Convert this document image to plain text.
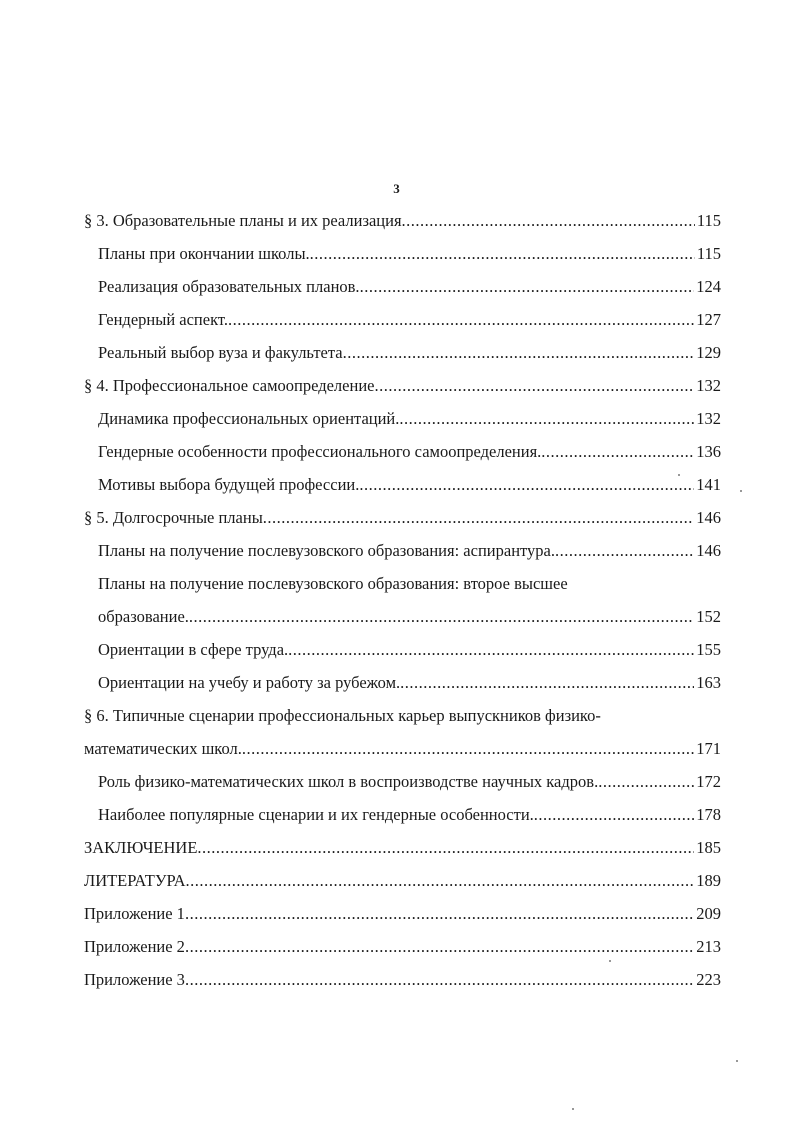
3
§ 3. Образовательные планы и их реализация .....	115
Планы при окончании школы. .....	115
Реализация образовательных планов. .....	124
Гендерный аспект. .....	127
Реальный выбор вуза и факультета .....	129
§ 4. Профессиональное самоопределение .....	132
Динамика профессиональных ориентаций. .....	132
Гендерные особенности профессионального самоопределения. .....	136
Мотивы выбора будущей профессии. .....	141
§ 5. Долгосрочные планы .....	146
Планы на получение послевузовского образования: аспирантура. .....	146
Планы на получение послевузовского образования: второе высшее
образование. .....	152
Ориентации в сфере труда. .....	155
Ориентации на учебу и работу за рубежом. .....	163
§ 6. Типичные сценарии профессиональных карьер выпускников физико-
математических школ. .....	171
Роль физико-математических школ в воспроизводстве научных кадров. .....	172
Наиболее популярные сценарии и их гендерные особенности. .....	178
ЗАКЛЮЧЕНИЕ .....	185
ЛИТЕРАТУРА .....	189
Приложение 1 .....	209
Приложение 2 .....	213
Приложение 3 .....	223
